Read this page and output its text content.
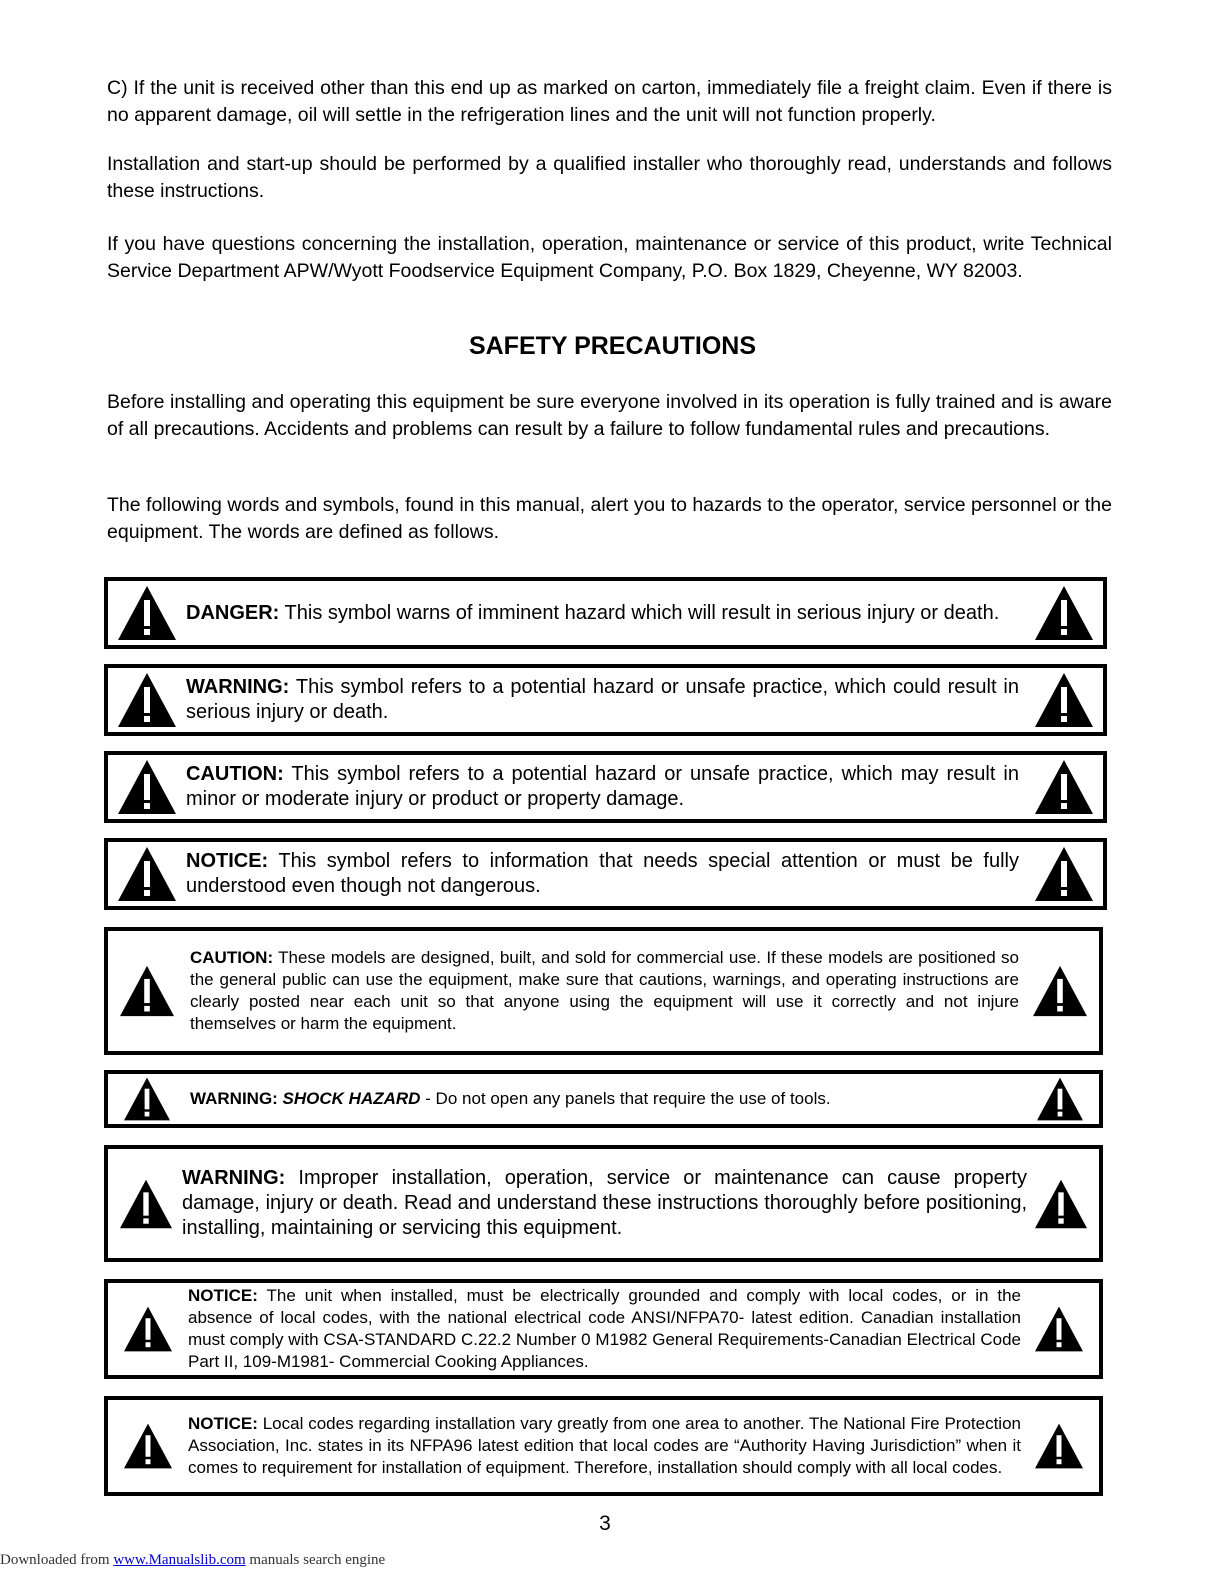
C) If the unit is received other than this end up as marked on carton, immediately file a freight claim. Even if there is no apparent damage, oil will settle in the refrigeration lines and the unit will not function properly.

Installation and start-up should be performed by a qualified installer who thoroughly read, understands and follows these instructions.

If you have questions concerning the installation, operation, maintenance or service of this product, write Technical Service Department APW/Wyott Foodservice Equipment Company, P.O. Box 1829, Cheyenne, WY 82003.

SAFETY PRECAUTIONS

Before installing and operating this equipment be sure everyone involved in its operation is fully trained and is aware of all precautions. Accidents and problems can result by a failure to follow fundamental rules and precautions.

The following words and symbols, found in this manual, alert you to hazards to the operator, service personnel or the equipment. The words are defined as follows.

DANGER: This symbol warns of imminent hazard which will result in serious injury or death.
WARNING: This symbol refers to a potential hazard or unsafe practice, which could result in serious injury or death.
CAUTION: This symbol refers to a potential hazard or unsafe practice, which may result in minor or moderate injury or product or property damage.
NOTICE: This symbol refers to information that needs special attention or must be fully understood even though not dangerous.
CAUTION: These models are designed, built, and sold for commercial use. If these models are positioned so the general public can use the equipment, make sure that cautions, warnings, and operating instructions are clearly posted near each unit so that anyone using the equipment will use it correctly and not injure themselves or harm the equipment.
WARNING: SHOCK HAZARD - Do not open any panels that require the use of tools.
WARNING: Improper installation, operation, service or maintenance can cause property damage, injury or death. Read and understand these instructions thoroughly before positioning, installing, maintaining or servicing this equipment.
NOTICE: The unit when installed, must be electrically grounded and comply with local codes, or in the absence of local codes, with the national electrical code ANSI/NFPA70- latest edition. Canadian installation must comply with CSA-STANDARD C.22.2 Number 0 M1982 General Requirements-Canadian Electrical Code Part II, 109-M1981- Commercial Cooking Appliances.
NOTICE: Local codes regarding installation vary greatly from one area to another. The National Fire Protection Association, Inc. states in its NFPA96 latest edition that local codes are “Authority Having Jurisdiction” when it comes to requirement for installation of equipment. Therefore, installation should comply with all local codes.
3
Downloaded from www.Manualslib.com manuals search engine
